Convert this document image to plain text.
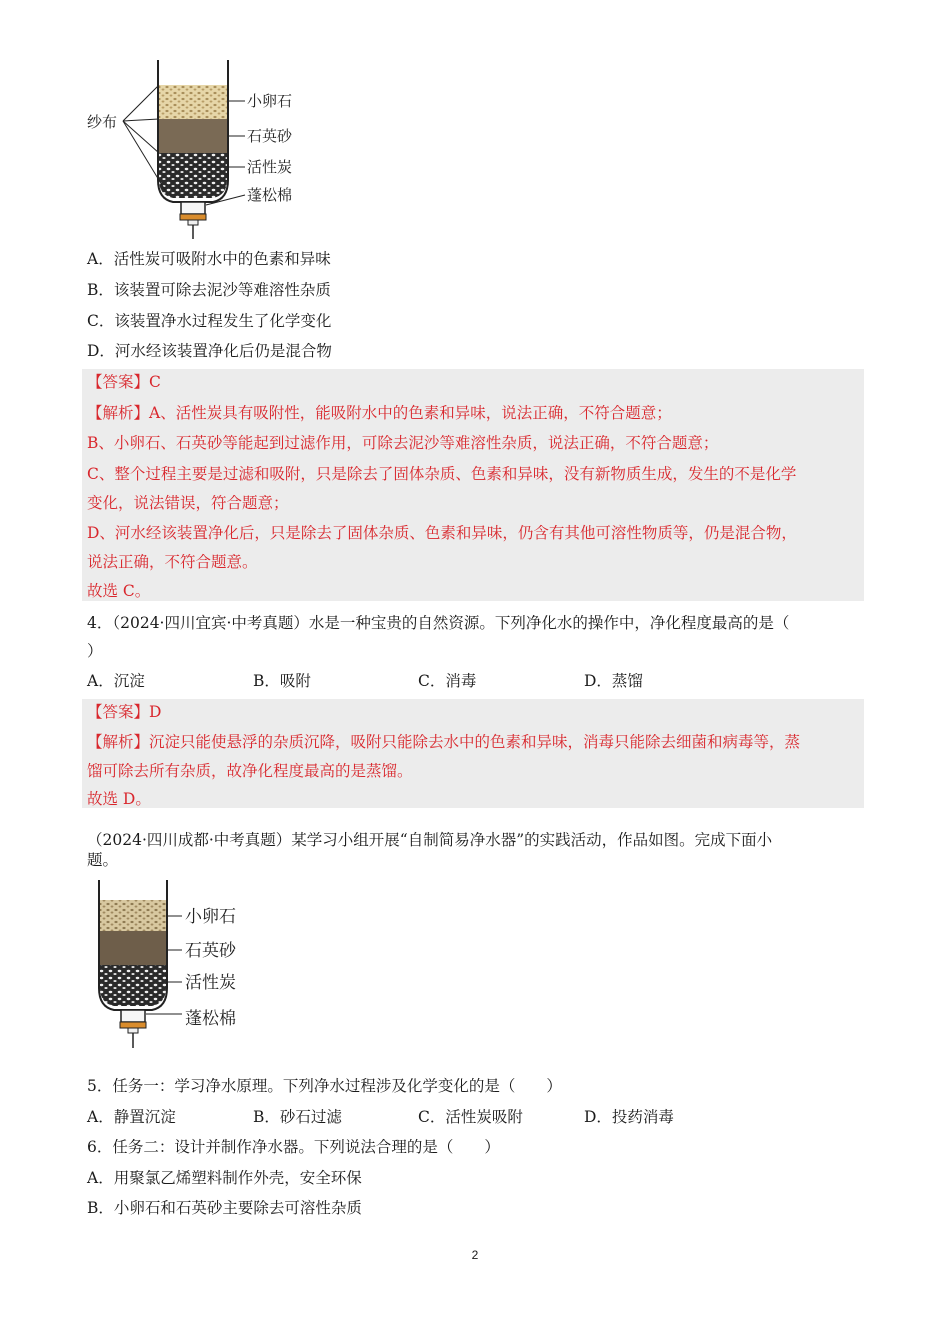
纱布
小卵石
石英砂
活性炭
蓬松棉
A．活性炭可吸附水中的色素和异味
B．该装置可除去泥沙等难溶性杂质
C．该装置净水过程发生了化学变化
D．河水经该装置净化后仍是混合物
【答案】C
【解析】A、活性炭具有吸附性，能吸附水中的色素和异味，说法正确，不符合题意；
B、小卵石、石英砂等能起到过滤作用，可除去泥沙等难溶性杂质，说法正确，不符合题意；
C、整个过程主要是过滤和吸附，只是除去了固体杂质、色素和异味，没有新物质生成，发生的不是化学
变化，说法错误，符合题意；
D、河水经该装置净化后，只是除去了固体杂质、色素和异味，仍含有其他可溶性物质等，仍是混合物，
说法正确，不符合题意。
故选 C。
4．（2024·四川宜宾·中考真题）水是一种宝贵的自然资源。下列净化水的操作中，净化程度最高的是（
）
A．沉淀	B．吸附	C．消毒	D．蒸馏
【答案】D
【解析】沉淀只能使悬浮的杂质沉降，吸附只能除去水中的色素和异味，消毒只能除去细菌和病毒等，蒸
馏可除去所有杂质，故净化程度最高的是蒸馏。
故选 D。
（2024·四川成都·中考真题）某学习小组开展“自制简易净水器”的实践活动，作品如图。完成下面小
题。
小卵石
石英砂
活性炭
蓬松棉
5．任务一：学习净水原理。下列净水过程涉及化学变化的是（　　）
A．静置沉淀	B．砂石过滤	C．活性炭吸附	D．投药消毒
6．任务二：设计并制作净水器。下列说法合理的是（　　）
A．用聚氯乙烯塑料制作外壳，安全环保
B．小卵石和石英砂主要除去可溶性杂质
2
